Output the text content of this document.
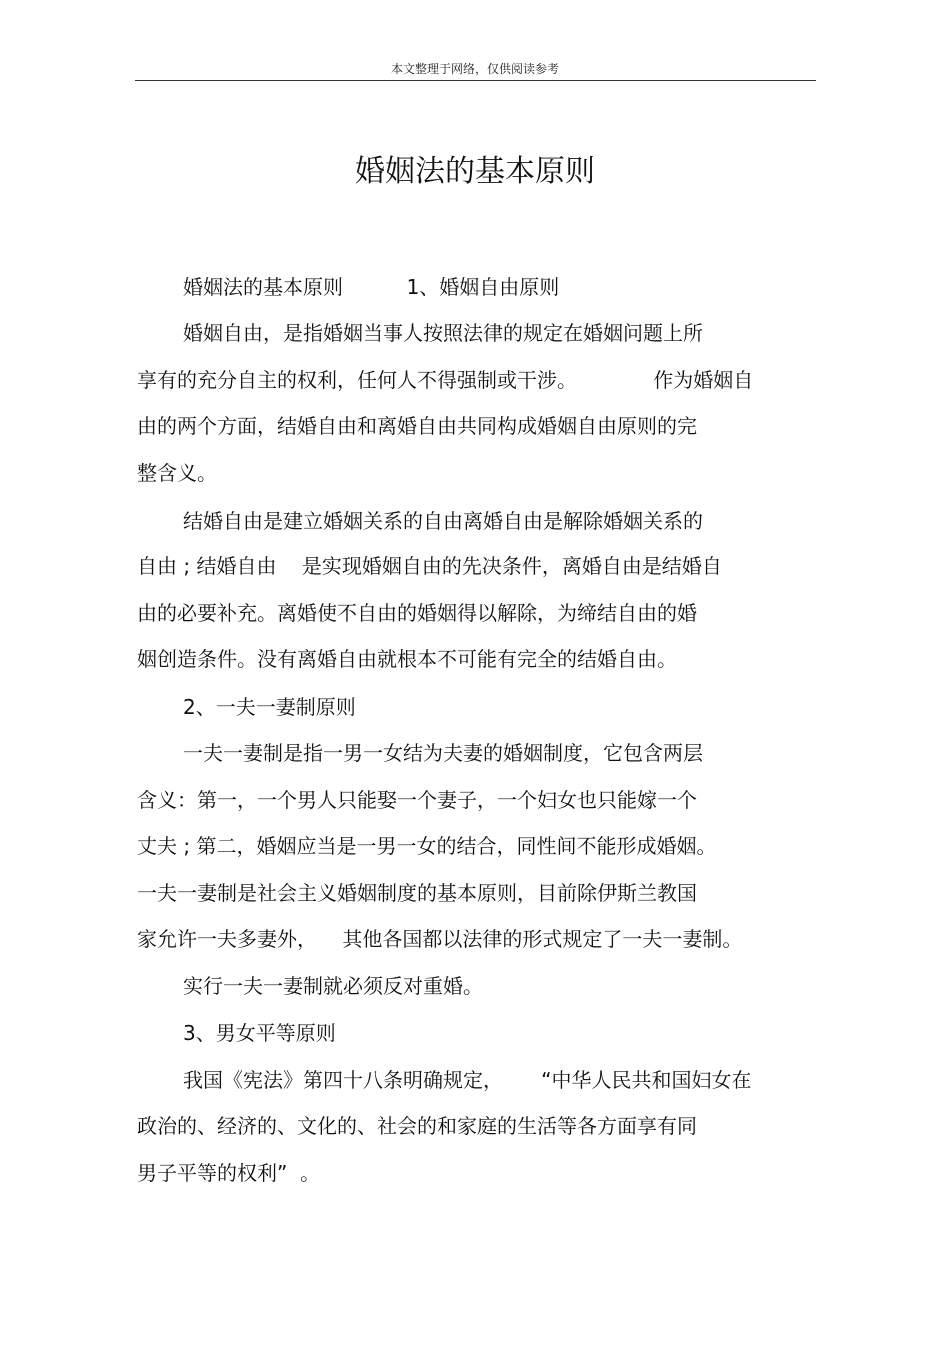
本文整理于网络，仅供阅读参考
婚姻法的基本原则
婚姻法的基本原则          1、婚姻自由原则
婚姻自由，是指婚姻当事人按照法律的规定在婚姻问题上所
享有的充分自主的权利，任何人不得强制或干涉。            作为婚姻自
由的两个方面，结婚自由和离婚自由共同构成婚姻自由原则的完
整含义。
结婚自由是建立婚姻关系的自由离婚自由是解除婚姻关系的
自由 ; 结婚自由    是实现婚姻自由的先决条件，离婚自由是结婚自
由的必要补充。离婚使不自由的婚姻得以解除，为缔结自由的婚
姻创造条件。没有离婚自由就根本不可能有完全的结婚自由。
2、一夫一妻制原则
一夫一妻制是指一男一女结为夫妻的婚姻制度，它包含两层
含义：第一，一个男人只能娶一个妻子，一个妇女也只能嫁一个
丈夫 ; 第二，婚姻应当是一男一女的结合，同性间不能形成婚姻。
一夫一妻制是社会主义婚姻制度的基本原则，目前除伊斯兰教国
家允许一夫多妻外，    其他各国都以法律的形式规定了一夫一妻制。
实行一夫一妻制就必须反对重婚。
3、男女平等原则
我国《宪法》第四十八条明确规定，      “中华人民共和国妇女在
政治的、经济的、文化的、社会的和家庭的生活等各方面享有同
男子平等的权利”  。
